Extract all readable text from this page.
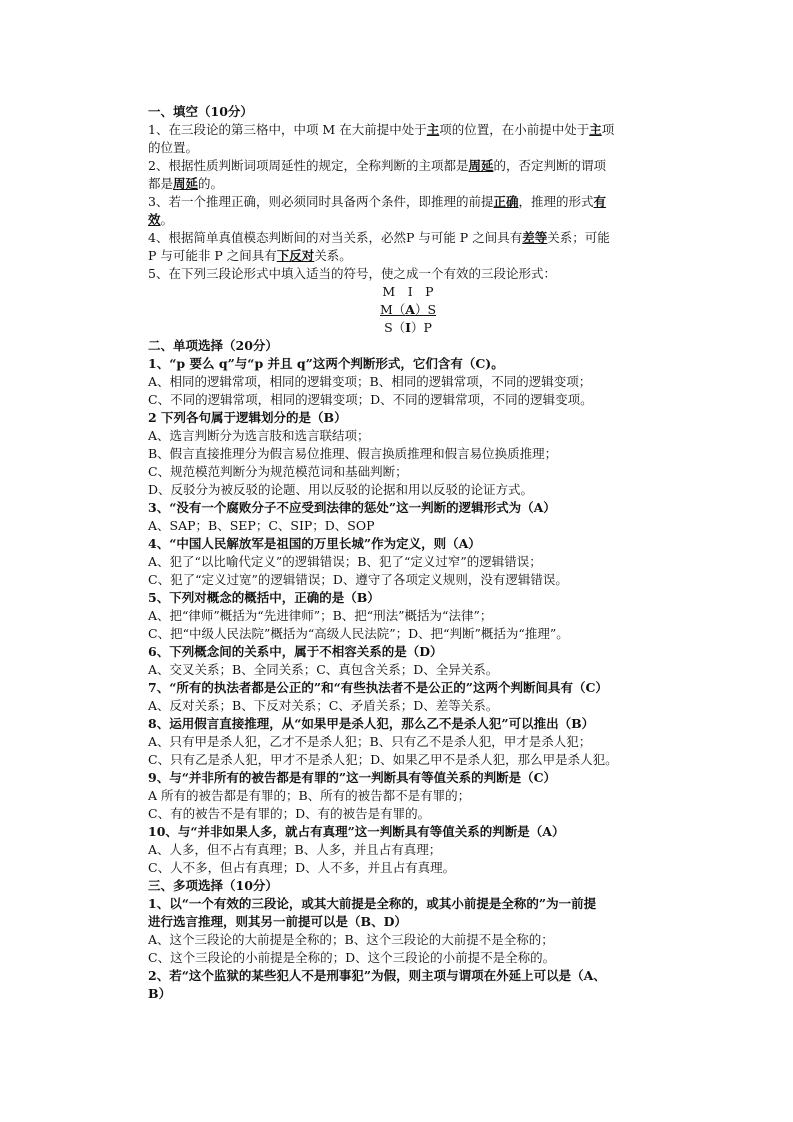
一、填空（10分）
1、在三段论的第三格中，中项 M 在大前提中处于主项的位置，在小前提中处于主项
的位置。
2、根据性质判断词项周延性的规定，全称判断的主项都是周延的，否定判断的谓项
都是周延的。
3、若一个推理正确，则必须同时具备两个条件，即推理的前提正确，推理的形式有
效。
4、根据简单真值模态判断间的对当关系，必然P 与可能 P 之间具有差等关系；可能
P 与可能非 P 之间具有下反对关系。
5、在下列三段论形式中填入适当的符号，使之成一个有效的三段论形式：
M　I　P
M（A）S
S（I）P
二、单项选择（20分）
1、“p 要么 q”与“p 并且 q”这两个判断形式，它们含有（C)。
A、相同的逻辑常项，相同的逻辑变项；B、相同的逻辑常项，不同的逻辑变项；
C、不同的逻辑常项，相同的逻辑变项；D、不同的逻辑常项，不同的逻辑变项。
2 下列各句属于逻辑划分的是（B）
A、选言判断分为选言肢和选言联结项；
B、假言直接推理分为假言易位推理、假言换质推理和假言易位换质推理；
C、规范模范判断分为规范模范词和基础判断；
D、反驳分为被反驳的论题、用以反驳的论据和用以反驳的论证方式。
3、“没有一个腐败分子不应受到法律的惩处”这一判断的逻辑形式为（A）
A、SAP；B、SEP；C、SIP；D、SOP
4、“中国人民解放军是祖国的万里长城”作为定义，则（A）
A、犯了“以比喻代定义”的逻辑错误；B、犯了“定义过窄”的逻辑错误；
C、犯了“定义过宽”的逻辑错误；D、遵守了各项定义规则，没有逻辑错误。
5、下列对概念的概括中，正确的是（B）
A、把“律师”概括为“先进律师”；B、把“刑法”概括为“法律”；
C、把“中级人民法院”概括为“高级人民法院”；D、把“判断”概括为“推理”。
6、下列概念间的关系中，属于不相容关系的是（D）
A、交叉关系；B、全同关系；C、真包含关系；D、全异关系。
7、“所有的执法者都是公正的”和“有些执法者不是公正的”这两个判断间具有（C）
A、反对关系；B、下反对关系；C、矛盾关系；D、差等关系。
8、运用假言直接推理，从“如果甲是杀人犯，那么乙不是杀人犯”可以推出（B）
A、只有甲是杀人犯，乙才不是杀人犯；B、只有乙不是杀人犯，甲才是杀人犯；
C、只有乙是杀人犯，甲才不是杀人犯；D、如果乙甲不是杀人犯，那么甲是杀人犯。
9、与“并非所有的被告都是有罪的”这一判断具有等值关系的判断是（C）
A 所有的被告都是有罪的；B、所有的被告都不是有罪的；
C、有的被告不是有罪的；D、有的被告是有罪的。
10、与“并非如果人多，就占有真理”这一判断具有等值关系的判断是（A）
A、人多，但不占有真理；B、人多，并且占有真理；
C、人不多，但占有真理；D、人不多，并且占有真理。
三、多项选择（10分）
1、以“一个有效的三段论，或其大前提是全称的，或其小前提是全称的”为一前提
进行选言推理，则其另一前提可以是（B、D）
A、这个三段论的大前提是全称的；B、这个三段论的大前提不是全称的；
C、这个三段论的小前提是全称的；D、这个三段论的小前提不是全称的。
2、若“这个监狱的某些犯人不是刑事犯”为假，则主项与谓项在外延上可以是（A、
B）
